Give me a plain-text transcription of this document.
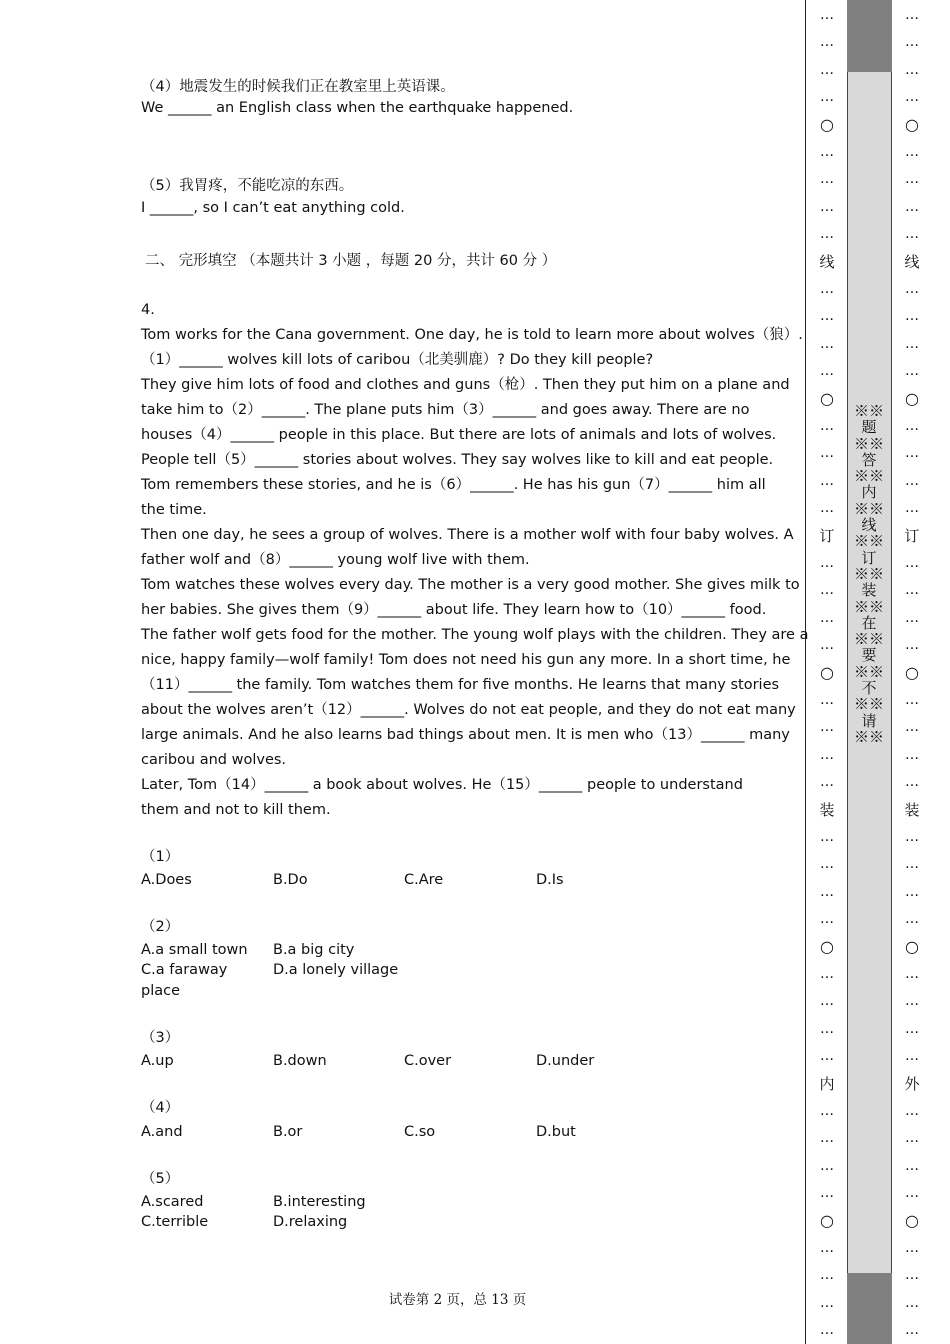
（4）地震发生的时候我们正在教室里上英语课。
We ______ an English class when the earthquake happened.
（5）我胃疼，不能吃凉的东西。
I ______, so I can’t eat anything cold.
二、 完形填空 （本题共计 3 小题 ，每题 20 分，共计 60 分 ）
4.
Tom works for the Cana government. One day, he is told to learn more about wolves（狼）.
（1）______ wolves kill lots of caribou（北美驯鹿）? Do they kill people?
They give him lots of food and clothes and guns（枪）. Then they put him on a plane and
take him to（2）______. The plane puts him（3）______ and goes away. There are no
houses（4）______ people in this place. But there are lots of animals and lots of wolves.
People tell（5）______ stories about wolves. They say wolves like to kill and eat people.
Tom remembers these stories, and he is（6）______. He has his gun（7）______ him all
the time.
Then one day, he sees a group of wolves. There is a mother wolf with four baby wolves. A
father wolf and（8）______ young wolf live with them.
Tom watches these wolves every day. The mother is a very good mother. She gives milk to
her babies. She gives them（9）______ about life. They learn how to（10）______ food.
The father wolf gets food for the mother. The young wolf plays with the children. They are a
nice, happy family—wolf family! Tom does not need his gun any more. In a short time, he
（11）______ the family. Tom watches them for five months. He learns that many stories
about the wolves aren’t（12）______. Wolves do not eat people, and they do not eat many
large animals. And he also learns bad things about men. It is men who（13）______ many
caribou and wolves.
Later, Tom（14）______ a book about wolves. He（15）______ people to understand
them and not to kill them.
（1）
A.Does	B.Do	C.Are	D.Is
（2）
A.a small town B.a big city
C.a faraway place
D.a lonely village
（3）
A.up	B.down	C.over	D.under
（4）
A.and	B.or	C.so	D.but
（5）
A.scared	B.interesting
C.terrible	D.relaxing
试卷第 2 页，总 13 页
…
…
…
…
○
…
…
…
…
线
…
…
…
…
○
…
…
…
…
订
…
…
…
…
○
…
…
…
…
装
…
…
…
…
○
…
…
…
…
内
…
…
…
…
○
…
…
…
…
※※题※※答※※内※※线※※订※※装※※在※※要※※不※※请※※
…
…
…
…
○
…
…
…
…
线
…
…
…
…
○
…
…
…
…
订
…
…
…
…
○
…
…
…
…
装
…
…
…
…
○
…
…
…
…
外
…
…
…
…
○
…
…
…
…
